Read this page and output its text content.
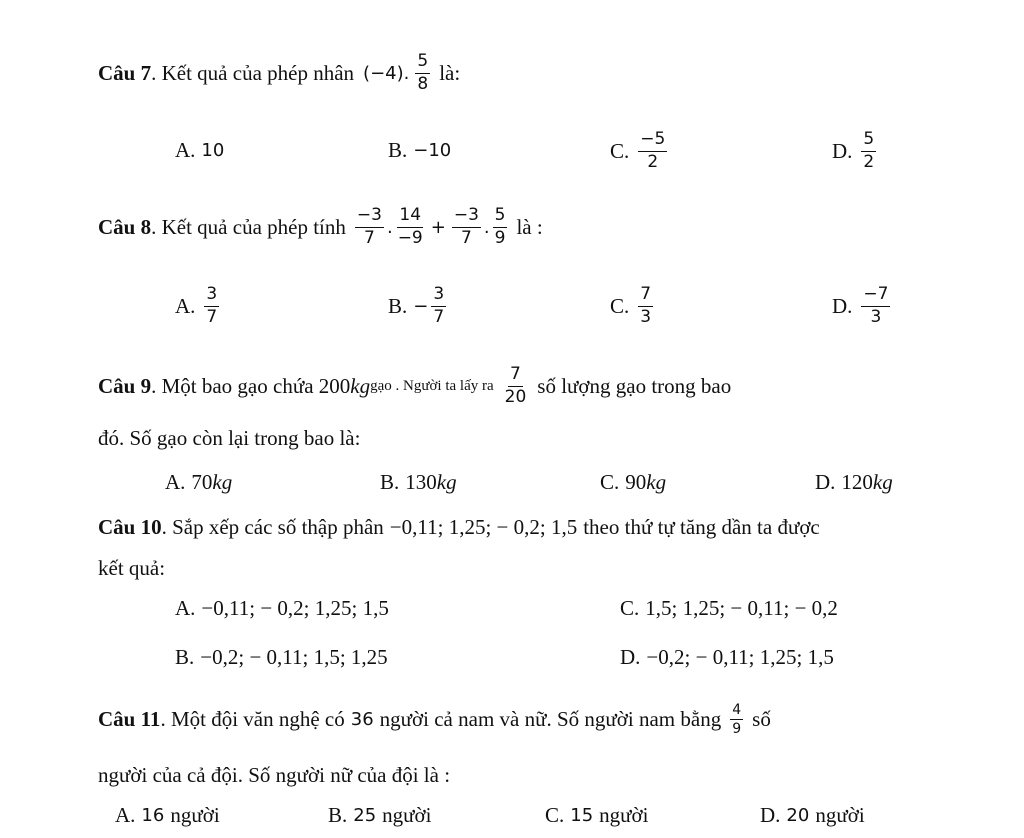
Câu 7 . Kết quả của phép nhân (−4). $\frac{5}{8}$ là:
A. 10	B. −10	C. $\frac{-5}{2}$	D. $\frac{5}{2}$
Câu 8 . Kết quả của phép tính $\frac{-3}{7}$ . $\frac{14}{-9} + \frac{-3}{7}$ . $\frac{5}{9}$ là :
A. $\frac{3}{7}$	B. − $\frac{3}{7}$	C. $\frac{7}{3}$	D. $\frac{-7}{3}$
Câu 9 . Một bao gạo chứa 200 kg gạo . Người ta lấy ra $\frac{7}{20}$ số lượng gạo trong bao
đó. Số gạo còn lại trong bao là:
A. 70 kg	B. 130 kg	C. 90 kg	D. 120 kg
Câu 10 . Sắp xếp các số thập phân −0,11; 1,25; − 0,2; 1,5 theo thứ tự tăng dần ta được
kết quả:
A. −0,11; − 0,2; 1,25; 1,5	C. 1,5; 1,25; − 0,11; − 0,2
B. −0,2; − 0,11; 1,5; 1,25	D. −0,2; − 0,11; 1,25; 1,5
Câu 11 . Một đội văn nghệ có 36 người cả nam và nữ. Số người nam bằng $\frac{4}{9}$ số
người của cả đội. Số người nữ của đội là :
A. 16 người	B. 25 người	C. 15 người	D. 20 người
